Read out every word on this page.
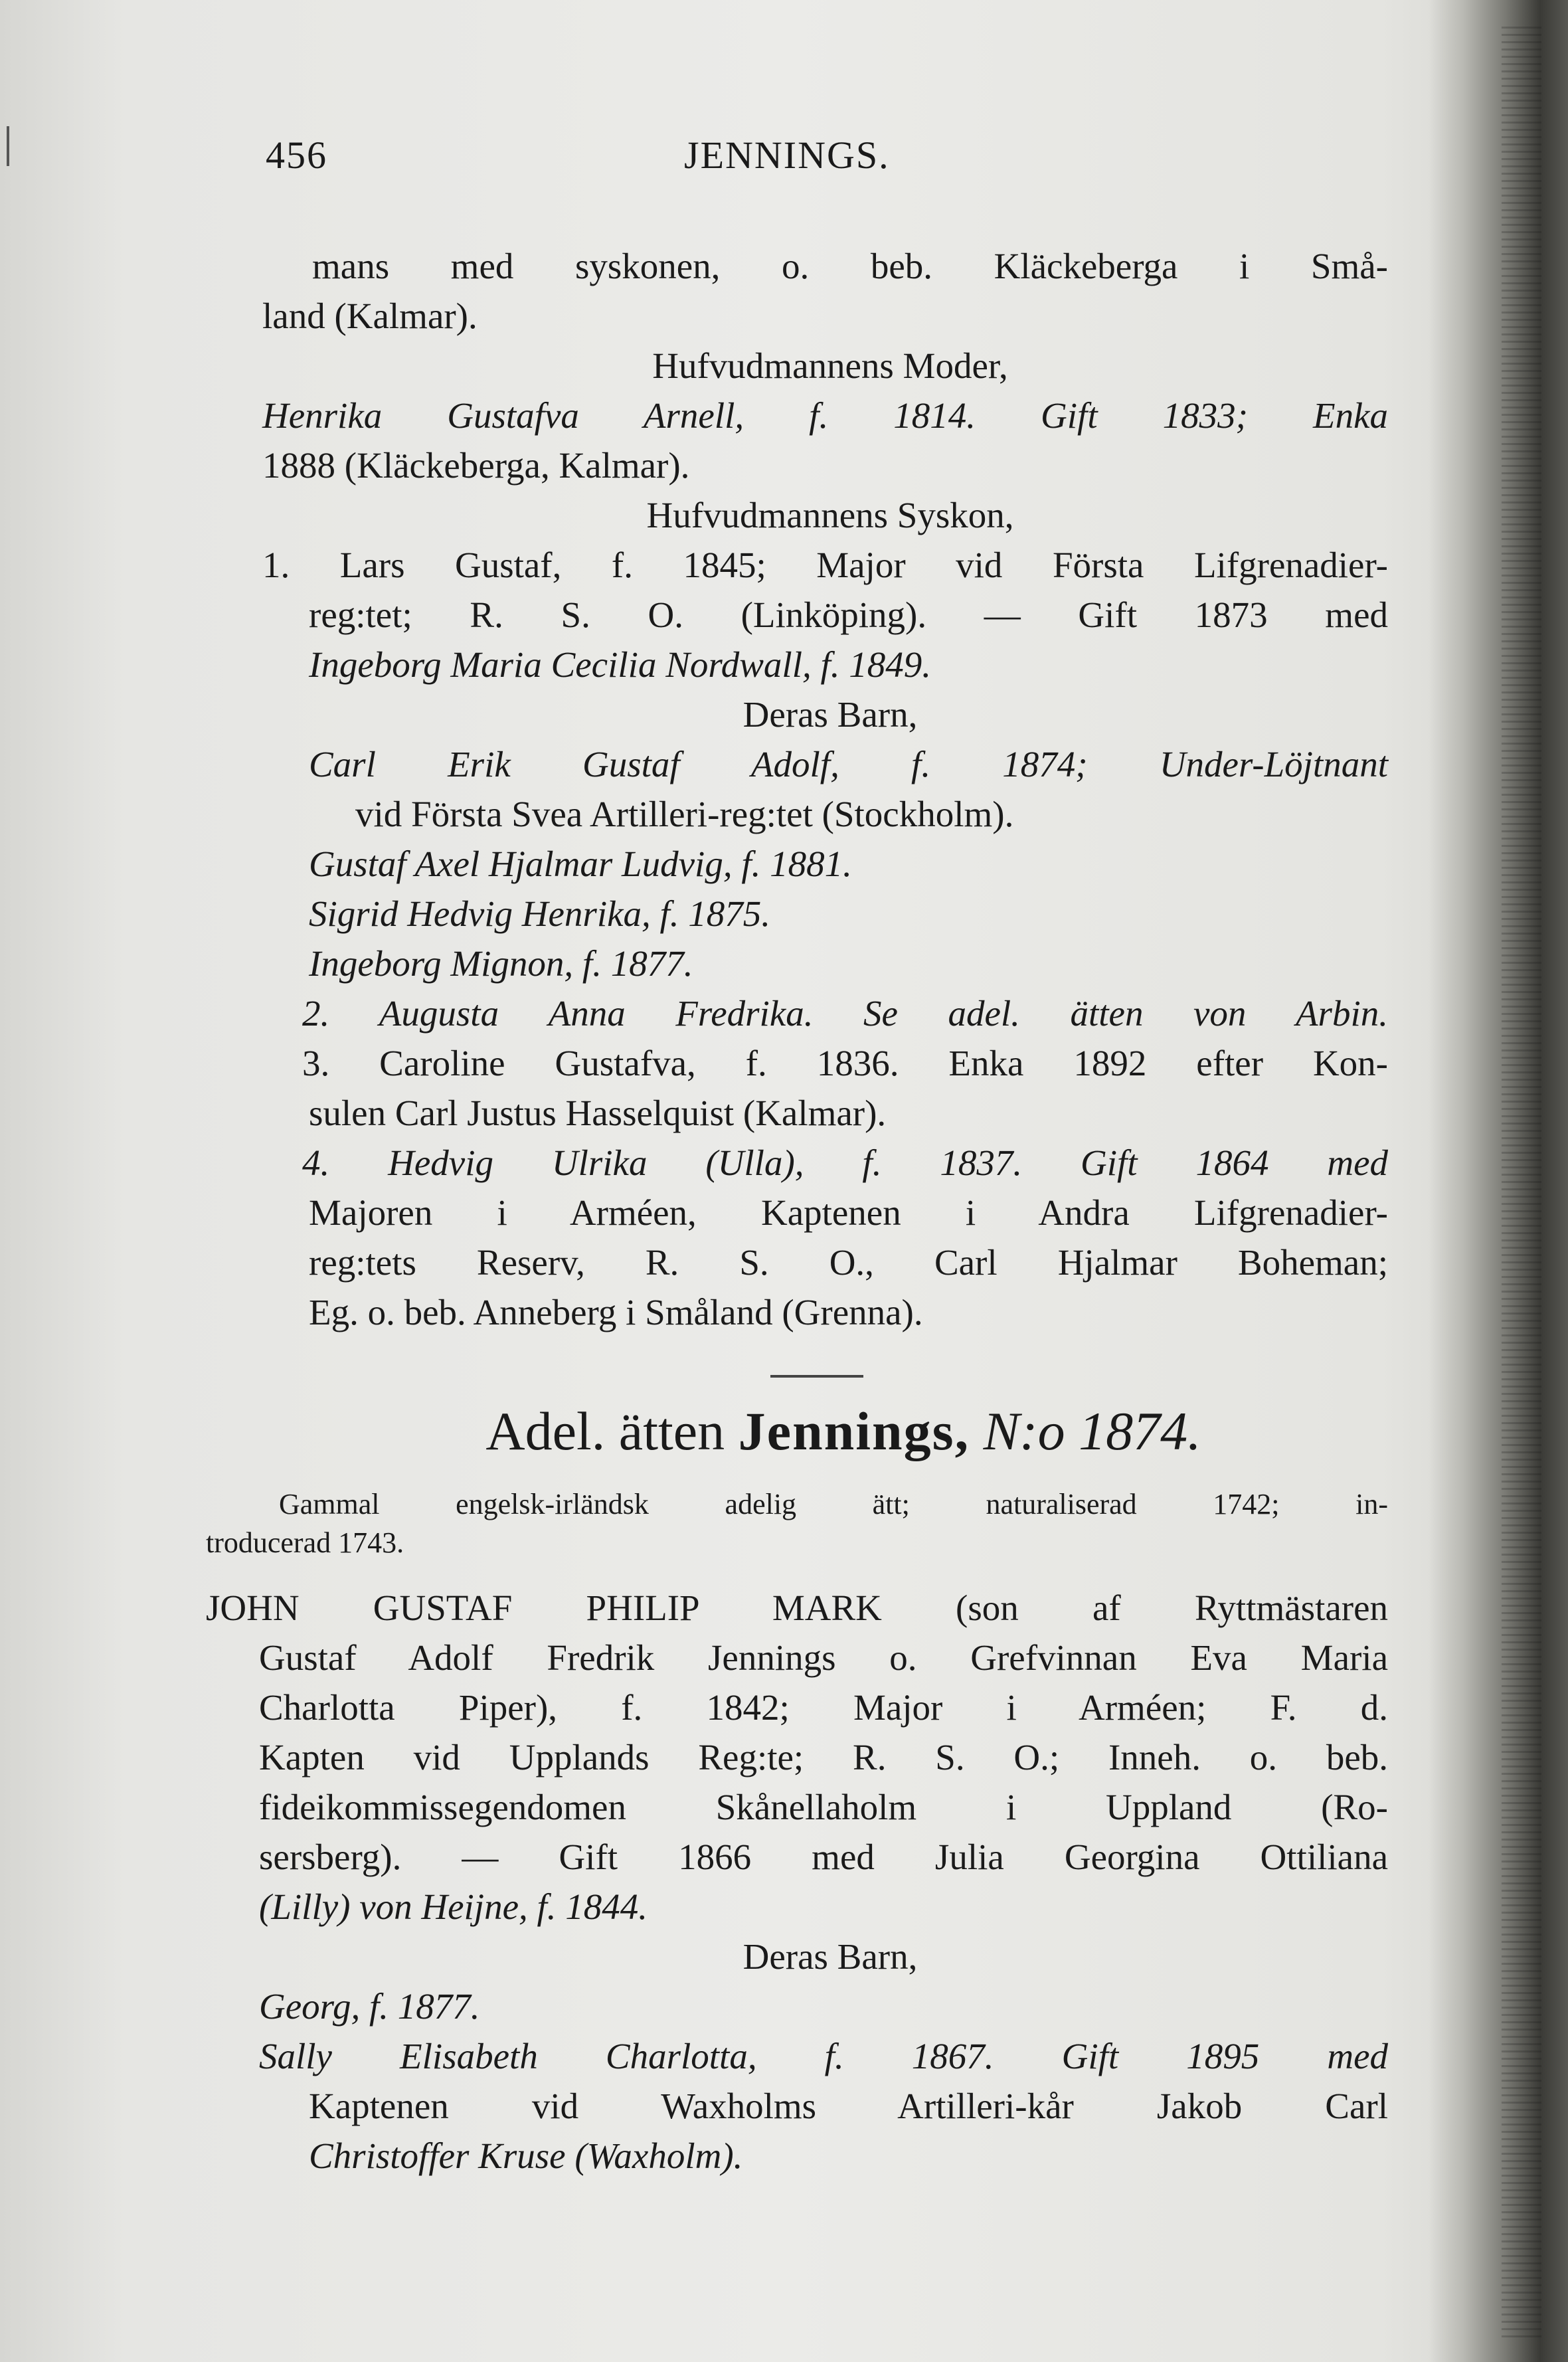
456	JENNINGS.
mans med syskonen, o. beb. Kläckeberga i Små-
land (Kalmar).
Hufvudmannens Moder,
Henrika Gustafva Arnell, f. 1814. Gift 1833; Enka
1888 (Kläckeberga, Kalmar).
Hufvudmannens Syskon,
1. Lars Gustaf, f. 1845; Major vid Första Lifgrenadier-
reg:tet; R. S. O. (Linköping). — Gift 1873 med
Ingeborg Maria Cecilia Nordwall, f. 1849.
Deras Barn,
Carl Erik Gustaf Adolf, f. 1874; Under-Löjtnant
vid Första Svea Artilleri-reg:tet (Stockholm).
Gustaf Axel Hjalmar Ludvig, f. 1881.
Sigrid Hedvig Henrika, f. 1875.
Ingeborg Mignon, f. 1877.
2. Augusta Anna Fredrika. Se adel. ätten von Arbin.
3. Caroline Gustafva, f. 1836. Enka 1892 efter Kon-
sulen Carl Justus Hasselquist (Kalmar).
4. Hedvig Ulrika (Ulla), f. 1837. Gift 1864 med
Majoren i Arméen, Kaptenen i Andra Lifgrenadier-
reg:tets Reserv, R. S. O., Carl Hjalmar Boheman;
Eg. o. beb. Anneberg i Småland (Grenna).
Adel. ätten Jennings, N:o 1874.
Gammal engelsk-irländsk adelig ätt; naturaliserad 1742; in-
troducerad 1743.
JOHN GUSTAF PHILIP MARK (son af Ryttmästaren
Gustaf Adolf Fredrik Jennings o. Grefvinnan Eva Maria
Charlotta Piper), f. 1842; Major i Arméen; F. d.
Kapten vid Upplands Reg:te; R. S. O.; Inneh. o. beb.
fideikommissegendomen Skånellaholm i Uppland (Ro-
sersberg). — Gift 1866 med Julia Georgina Ottiliana
(Lilly) von Heijne, f. 1844.
Deras Barn,
Georg, f. 1877.
Sally Elisabeth Charlotta, f. 1867. Gift 1895 med
Kaptenen vid Waxholms Artilleri-kår Jakob Carl
Christoffer Kruse (Waxholm).
